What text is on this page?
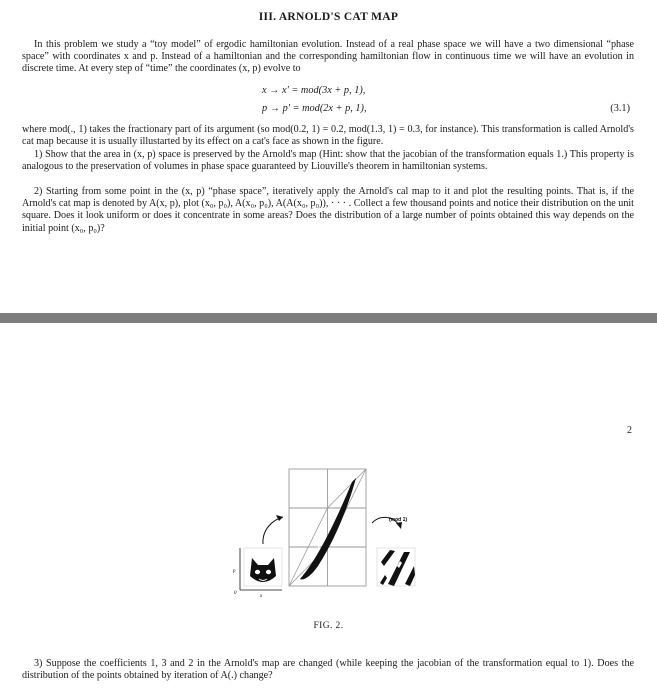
III. ARNOLD'S CAT MAP

In this problem we study a “toy model” of ergodic hamiltonian evolution. Instead of a real phase space we will have a two dimensional “phase space” with coordinates x and p. Instead of a hamiltonian and the corresponding hamiltonian flow in continuous time we will have an evolution in discrete time. At every step of “time” the coordinates (x, p) evolve to

x → x′ = mod(3x + p, 1),
p → p′ = mod(2x + p, 1),	(3.1)

where mod(., 1) takes the fractionary part of its argument (so mod(0.2, 1) = 0.2, mod(1.3, 1) = 0.3, for instance). This transformation is called Arnold's cat map because it is usually illustarted by its effect on a cat's face as shown in the figure.

1) Show that the area in (x, p) space is preserved by the Arnold's map (Hint: show that the jacobian of the transformation equals 1.) This property is analogous to the preservation of volumes in phase space guaranteed by Liouville's theorem in hamiltonian systems.

2) Starting from some point in the (x, p) “phase space”, iteratively apply the Arnold's cal map to it and plot the resulting points. That is, if the Arnold's cat map is denoted by A(x, p), plot (x₀, p₀), A(x₀, p₀), A(A(x₀, p₀)), · · · . Collect a few thousand points and notice their distribution on the unit square. Does it look uniform or does it concentrate in some areas? Does the distribution of a large number of points obtained this way depends on the initial point (x₀, p₀)?

2
0
x
p
(mod 1)
FIG. 2.

3) Suppose the coefficients 1, 3 and 2 in the Arnold's map are changed (while keeping the jacobian of the transformation equal to 1). Does the distribution of the points obtained by iteration of A(.) change?
